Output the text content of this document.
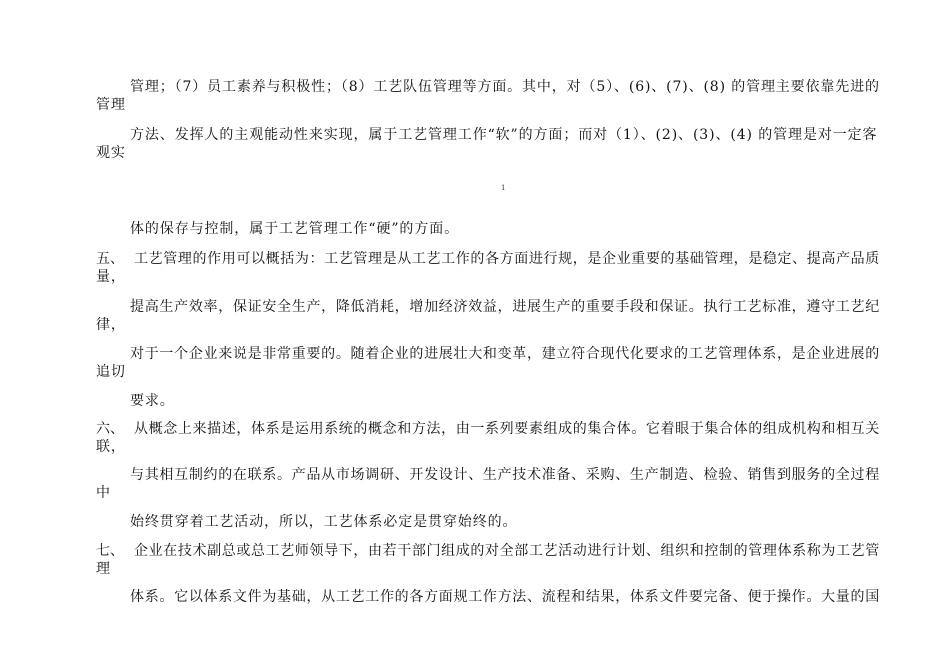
管理；（7）员工素养与积极性；（8）工艺队伍管理等方面。其中，对（5）、(6)、(7)、(8) 的管理主要依靠先进的
管理
方法、发挥人的主观能动性来实现，属于工艺管理工作“软”的方面；而对（1）、(2)、(3)、(4) 的管理是对一定客
观实
1
体的保存与控制，属于工艺管理工作“硬”的方面。
五、 工艺管理的作用可以概括为：工艺管理是从工艺工作的各方面进行规，是企业重要的基础管理，是稳定、提高产品质
量，
提高生产效率，保证安全生产，降低消耗，增加经济效益，进展生产的重要手段和保证。执行工艺标准，遵守工艺纪
律，
对于一个企业来说是非常重要的。随着企业的进展壮大和变革，建立符合现代化要求的工艺管理体系，是企业进展的
追切
要求。
六、 从概念上来描述，体系是运用系统的概念和方法，由一系列要素组成的集合体。它着眼于集合体的组成机构和相互关
联，
与其相互制约的在联系。产品从市场调研、开发设计、生产技术准备、采购、生产制造、检验、销售到服务的全过程
中
始终贯穿着工艺活动，所以，工艺体系必定是贯穿始终的。
七、 企业在技术副总或总工艺师领导下，由若干部门组成的对全部工艺活动进行计划、组织和控制的管理体系称为工艺管
理
体系。它以体系文件为基础，从工艺工作的各方面规工作方法、流程和结果，体系文件要完备、便于操作。大量的国
